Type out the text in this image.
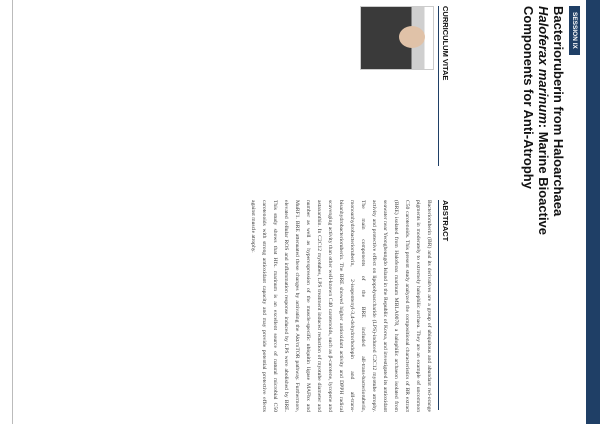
SESSION IX
Bacterioruberin from Haloarchaea
Haloferax marinum: Marine Bioactive
Components for Anti-Atrophy
CURRICULUM VITAE
ABSTRACT
Bacterioruberin (BR) and its derivatives are a group of ubiquitous and abundant red-orange pigments in moderately to extremely halophilic archaea. They are an example of uncommon C50 carotenoids. This present study analyzed the compositional characteristics of BR extract (BRE) isolated from Haloferax marinum MBLA0078, a halophilic archaeon isolated from seawater near Yeongheungdo Island in the Republic of Korea, and investigated its antioxidant activity and protective effect on lipopolysaccharide (LPS)-induced C2C12 myotube atrophy. The main components of the BRE included all-trans-bacterioruberin, monoanhydrobacterioruberin, 2-isopentenyl-3,4-dehydrorhodopin and all-trans-bisanhydrobacterioruberin. The BRE showed higher antioxidant activity and DPPH radical scavenging activity than other well-known C40 carotenoids, such as β-carotene, lycopene and astaxanthin. In C2C12 myotubes, LPS treatment induced reduction of myotube diameter and number as well as hyperexpression of the muscle-specific ubiquitin ligase MAFbx and MuRF1. BRE attenuated these changes by activating the Akt/mTOR pathway. Furthermore, elevated cellular ROS and inflammation response induced by LPS were abolished by BRE. This study shows that Hfx. marinum is an excellent source of natural microbial C50 carotenoids with strong antioxidant capacity and may provide potential protective effects against muscle atrophy.
